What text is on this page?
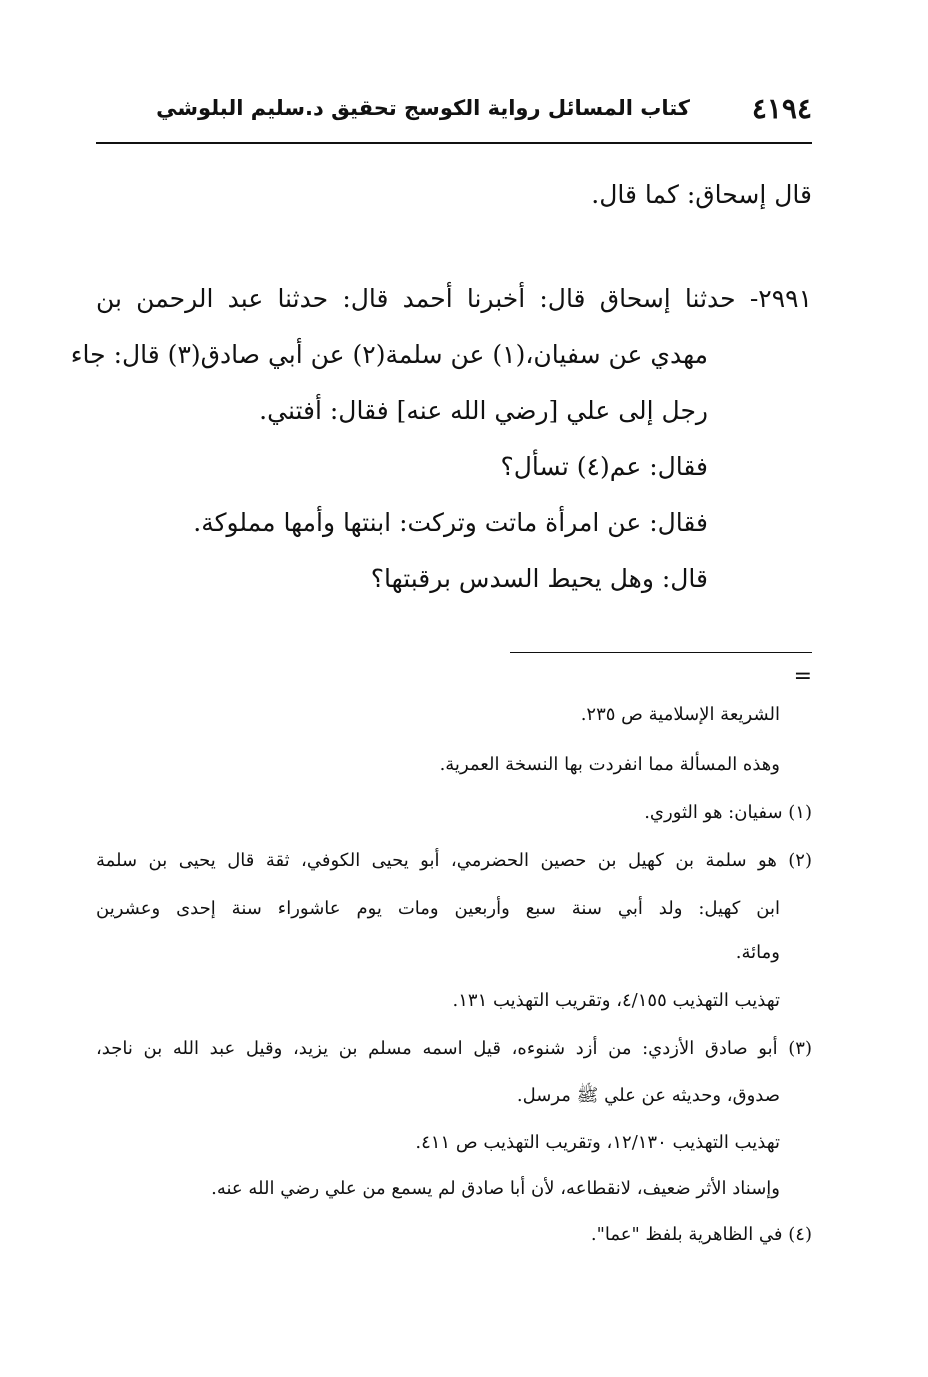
٤١٩٤
كتاب المسائل رواية الكوسج تحقيق د.سليم البلوشي
قال إسحاق: كما قال.
٢٩٩١- حدثنا إسحاق قال: أخبرنا أحمد قال: حدثنا عبد الرحمن بن
مهدي عن سفيان،(١) عن سلمة(٢) عن أبي صادق(٣) قال: جاء
رجل إلى علي [رضي الله عنه] فقال: أفتني.
فقال: عم(٤) تسأل؟
فقال: عن امرأة ماتت وتركت: ابنتها وأمها مملوكة.
قال: وهل يحيط السدس برقبتها؟
=
الشريعة الإسلامية ص ٢٣٥.
وهذه المسألة مما انفردت بها النسخة العمرية.
(١) سفيان: هو الثوري.
(٢) هو سلمة بن كهيل بن حصين الحضرمي، أبو يحيى الكوفي، ثقة قال يحيى بن سلمة
ابن كهيل: ولد أبي سنة سبع وأربعين ومات يوم عاشوراء سنة إحدى وعشرين
ومائة.
تهذيب التهذيب ٤/١٥٥، وتقريب التهذيب ١٣١.
(٣) أبو صادق الأزدي: من أزد شنوءه، قيل اسمه مسلم بن يزيد، وقيل عبد الله بن ناجد،
صدوق، وحديثه عن علي ﷺ مرسل.
تهذيب التهذيب ١٢/١٣٠، وتقريب التهذيب ص ٤١١.
وإسناد الأثر ضعيف، لانقطاعه، لأن أبا صادق لم يسمع من علي رضي الله عنه.
(٤) في الظاهرية بلفظ "عما".
